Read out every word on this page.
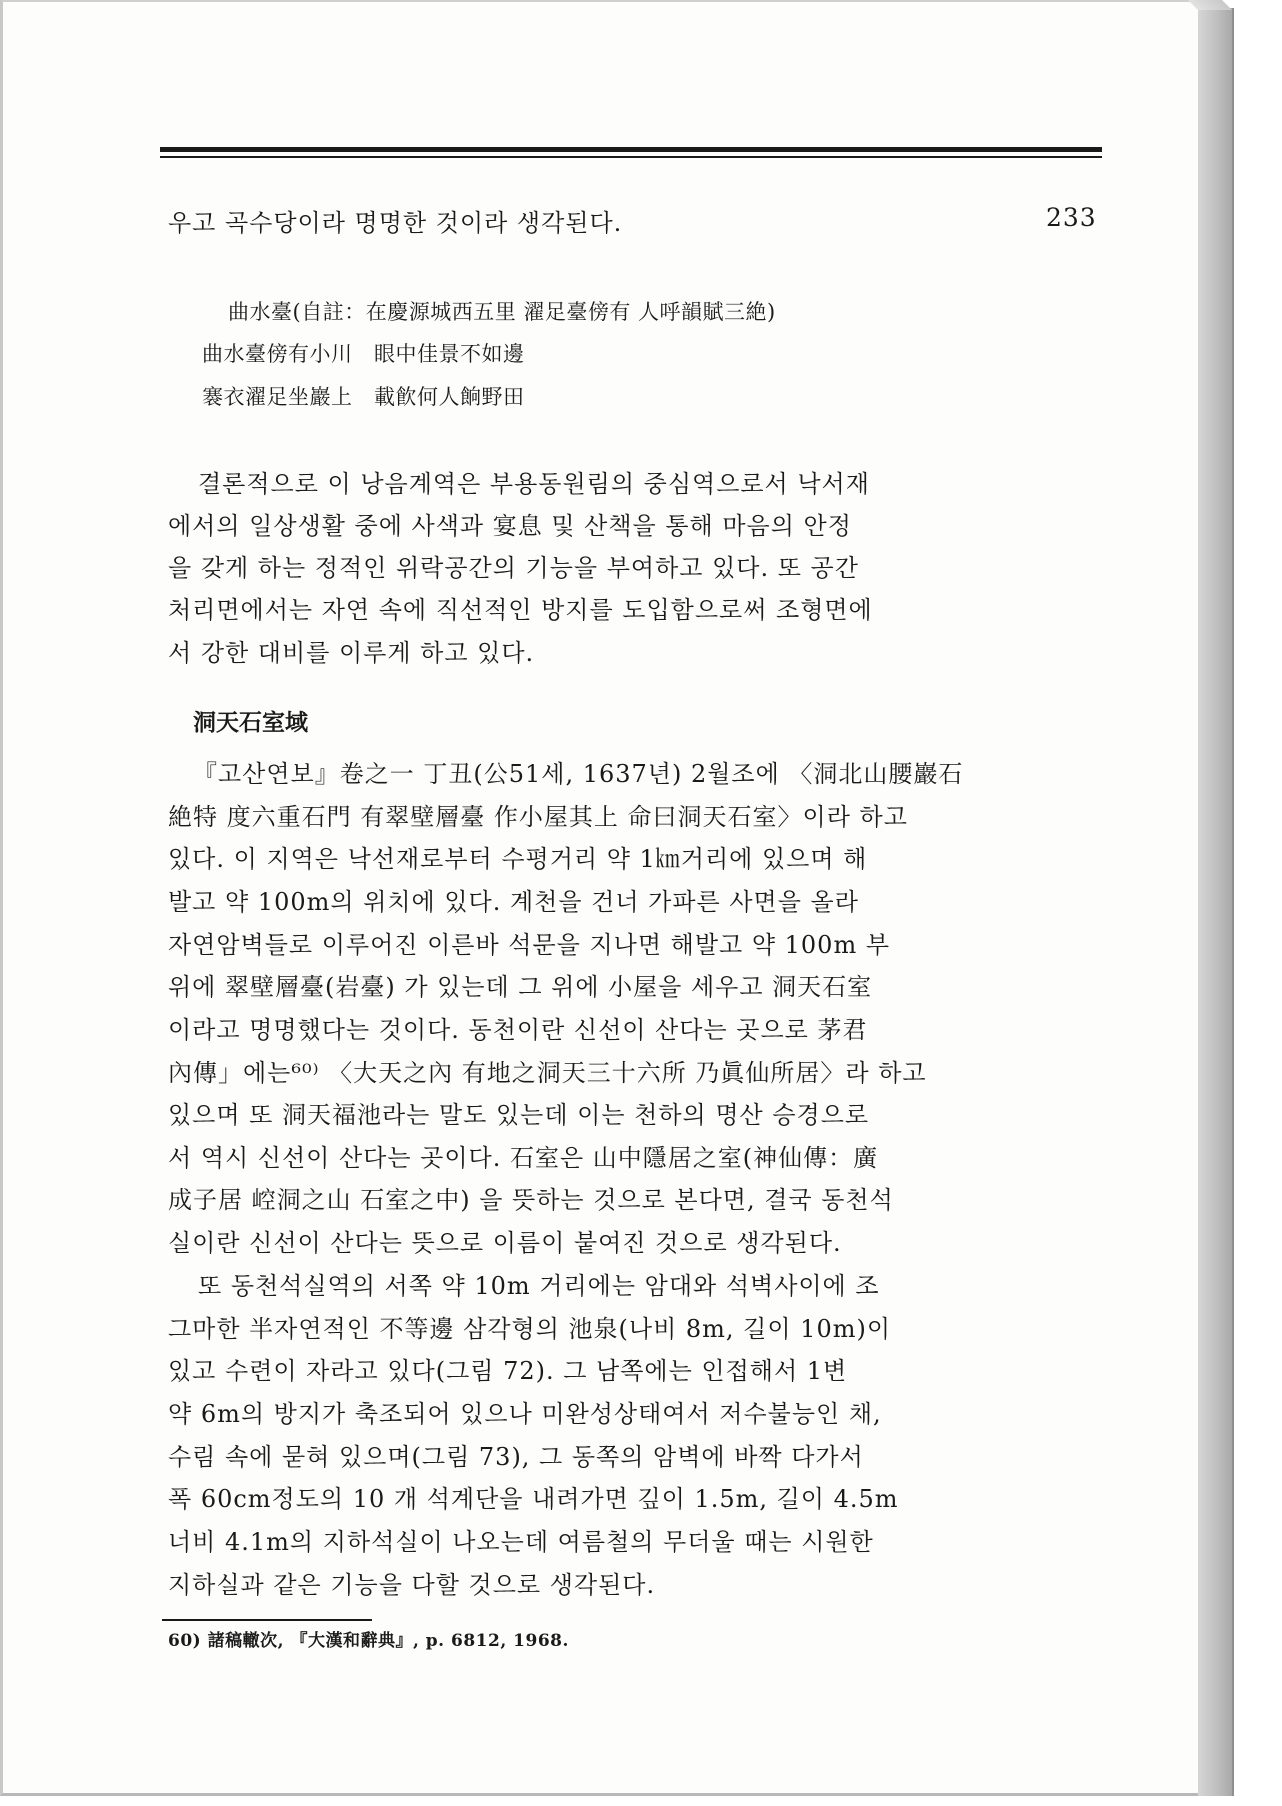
우고 곡수당이라 명명한 것이라 생각된다.	233
曲水臺(自註：在慶源城西五里 濯足臺傍有 人呼韻賦三絶)
曲水臺傍有小川　眼中佳景不如邊
褰衣濯足坐巖上　載飮何人餉野田
결론적으로 이 낭음계역은 부용동원림의 중심역으로서 낙서재
에서의 일상생활 중에 사색과 宴息 및 산책을 통해 마음의 안정
을 갖게 하는 정적인 위락공간의 기능을 부여하고 있다. 또 공간
처리면에서는 자연 속에 직선적인 방지를 도입함으로써 조형면에
서 강한 대비를 이루게 하고 있다.
洞天石室域
『고산연보』卷之一 丁丑(公51세, 1637년) 2월조에 〈洞北山腰巖石
絶特 度六重石門 有翠壁層臺 作小屋其上 命曰洞天石室〉이라 하고
있다. 이 지역은 낙선재로부터 수평거리 약 1㎞거리에 있으며 해
발고 약 100m의 위치에 있다. 계천을 건너 가파른 사면을 올라
자연암벽들로 이루어진 이른바 석문을 지나면 해발고 약 100m 부
위에 翠壁層臺(岩臺) 가 있는데 그 위에 小屋을 세우고 洞天石室
이라고 명명했다는 것이다. 동천이란 신선이 산다는 곳으로 茅君
內傳」에는⁶⁰⁾ 〈大天之內 有地之洞天三十六所 乃眞仙所居〉라 하고
있으며 또 洞天福池라는 말도 있는데 이는 천하의 명산 승경으로
서 역시 신선이 산다는 곳이다. 石室은 山中隱居之室(神仙傳：廣
成子居 崆洞之山 石室之中) 을 뜻하는 것으로 본다면, 결국 동천석
실이란 신선이 산다는 뜻으로 이름이 붙여진 것으로 생각된다.
또 동천석실역의 서쪽 약 10m 거리에는 암대와 석벽사이에 조
그마한 半자연적인 不等邊 삼각형의 池泉(나비 8m, 길이 10m)이
있고 수련이 자라고 있다(그림 72). 그 남쪽에는 인접해서 1변
약 6m의 방지가 축조되어 있으나 미완성상태여서 저수불능인 채,
수림 속에 묻혀 있으며(그림 73), 그 동쪽의 암벽에 바짝 다가서
폭 60cm정도의 10 개 석계단을 내려가면 깊이 1.5m, 길이 4.5m
너비 4.1m의 지하석실이 나오는데 여름철의 무더울 때는 시원한
지하실과 같은 기능을 다할 것으로 생각된다.
60) 諸稿轍次, 『大漢和辭典』, p. 6812, 1968.
